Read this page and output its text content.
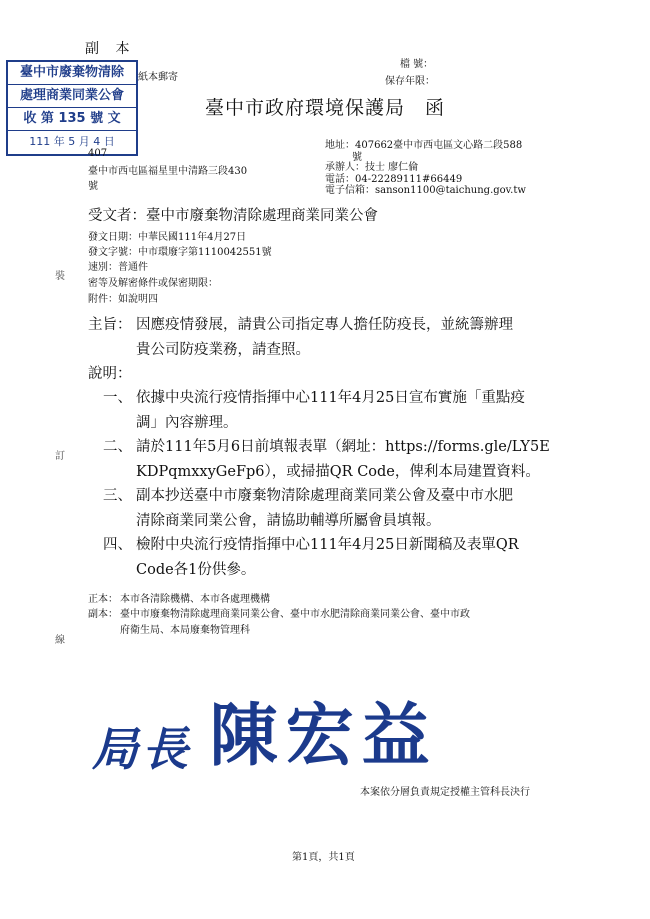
副 本
檔 號：
保存年限：
臺中市廢棄物清除
處理商業同業公會
收 第 135 號 文
111 年 5 月 4 日
紙本郵寄
臺中市政府環境保護局　函
407
臺中市西屯區福星里中清路三段430
號
地址：407662臺中市西屯區文心路二段588
號
承辦人：技士 廖仁倫
電話：04-22289111#66449
電子信箱：sanson1100@taichung.gov.tw
受文者：臺中市廢棄物清除處理商業同業公會
發文日期：中華民國111年4月27日
發文字號：中市環廢字第1110042551號
速別：普通件
密等及解密條件或保密期限：
附件：如說明四
裝
訂
線
主旨： 因應疫情發展，請貴公司指定專人擔任防疫長，並統籌辦理
貴公司防疫業務，請查照。
說明：
一、 依據中央流行疫情指揮中心111年4月25日宣布實施「重點疫
調」內容辦理。
二、 請於111年5月6日前填報表單（網址：https://forms.gle/LY5E
KDPqmxxyGeFp6），或掃描QR Code，俾利本局建置資料。
三、 副本抄送臺中市廢棄物清除處理商業同業公會及臺中市水肥
清除商業同業公會，請協助輔導所屬會員填報。
四、 檢附中央流行疫情指揮中心111年4月25日新聞稿及表單QR
Code各1份供參。
正本： 本市各清除機構、本市各處理機構
副本： 臺中市廢棄物清除處理商業同業公會、臺中市水肥清除商業同業公會、臺中市政
府衛生局、本局廢棄物管理科
局長 陳宏益
本案依分層負責規定授權主管科長決行
第1頁，共1頁
